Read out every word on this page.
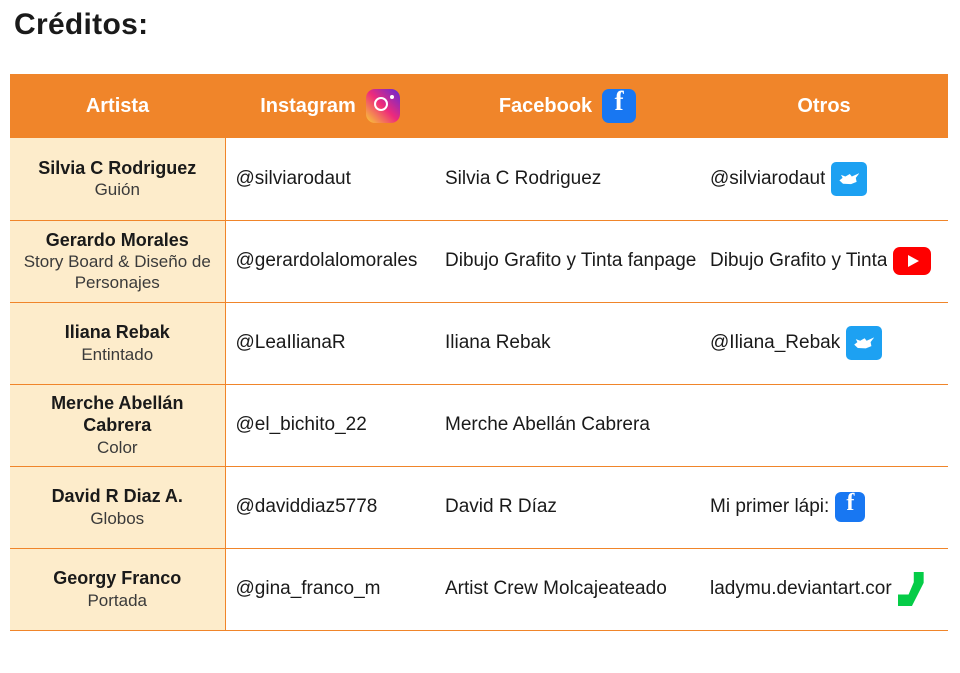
Créditos:
Artista	Instagram	Facebook f	Otros

Silvia C Rodriguez
Guión	@silviarodaut	Silvia C Rodriguez	@silviarodaut

Gerardo Morales
Story Board & Diseño de Personajes	@gerardolalomorales	Dibujo Grafito y Tinta fanpage	Dibujo Grafito y Tinta

Iliana Rebak
Entintado	@LeaIlianaR	Iliana Rebak	@Iliana_Rebak

Merche Abellán Cabrera
Color	@el_bichito_22	Merche Abellán Cabrera	

David R Diaz A.
Globos	@daviddiaz5778	David R Díaz	Mi primer lápi: f

Georgy Franco
Portada	@gina_franco_m	Artist Crew Molcajeateado	ladymu.deviantart.cor
